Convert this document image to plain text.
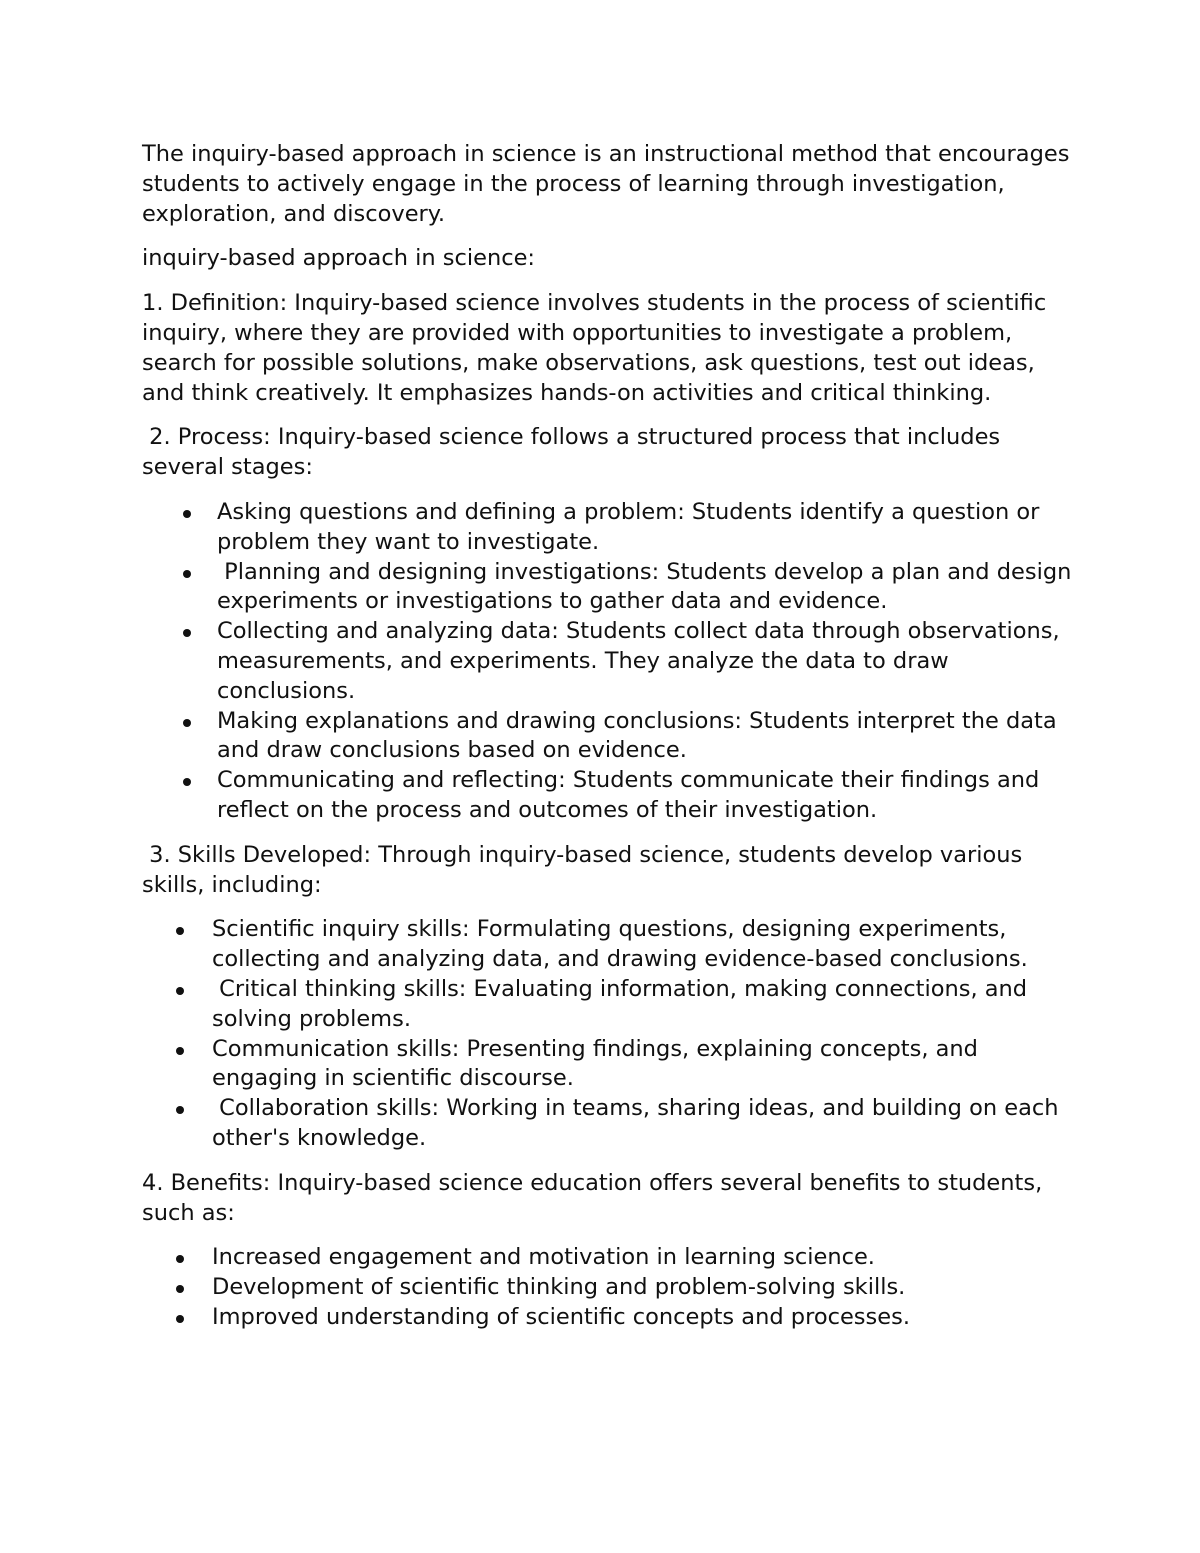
The inquiry-based approach in science is an instructional method that encourages students to actively engage in the process of learning through investigation, exploration, and discovery.

inquiry-based approach in science:

1. Definition: Inquiry-based science involves students in the process of scientific inquiry, where they are provided with opportunities to investigate a problem, search for possible solutions, make observations, ask questions, test out ideas, and think creatively. It emphasizes hands-on activities and critical thinking.

2. Process: Inquiry-based science follows a structured process that includes several stages:

Asking questions and defining a problem: Students identify a question or problem they want to investigate.
Planning and designing investigations: Students develop a plan and design experiments or investigations to gather data and evidence.
Collecting and analyzing data: Students collect data through observations, measurements, and experiments. They analyze the data to draw conclusions.
Making explanations and drawing conclusions: Students interpret the data and draw conclusions based on evidence.
Communicating and reflecting: Students communicate their findings and reflect on the process and outcomes of their investigation.

3. Skills Developed: Through inquiry-based science, students develop various skills, including:

Scientific inquiry skills: Formulating questions, designing experiments, collecting and analyzing data, and drawing evidence-based conclusions.
Critical thinking skills: Evaluating information, making connections, and solving problems.
Communication skills: Presenting findings, explaining concepts, and engaging in scientific discourse.
Collaboration skills: Working in teams, sharing ideas, and building on each other's knowledge.

4. Benefits: Inquiry-based science education offers several benefits to students, such as:

Increased engagement and motivation in learning science.
Development of scientific thinking and problem-solving skills.
Improved understanding of scientific concepts and processes.
